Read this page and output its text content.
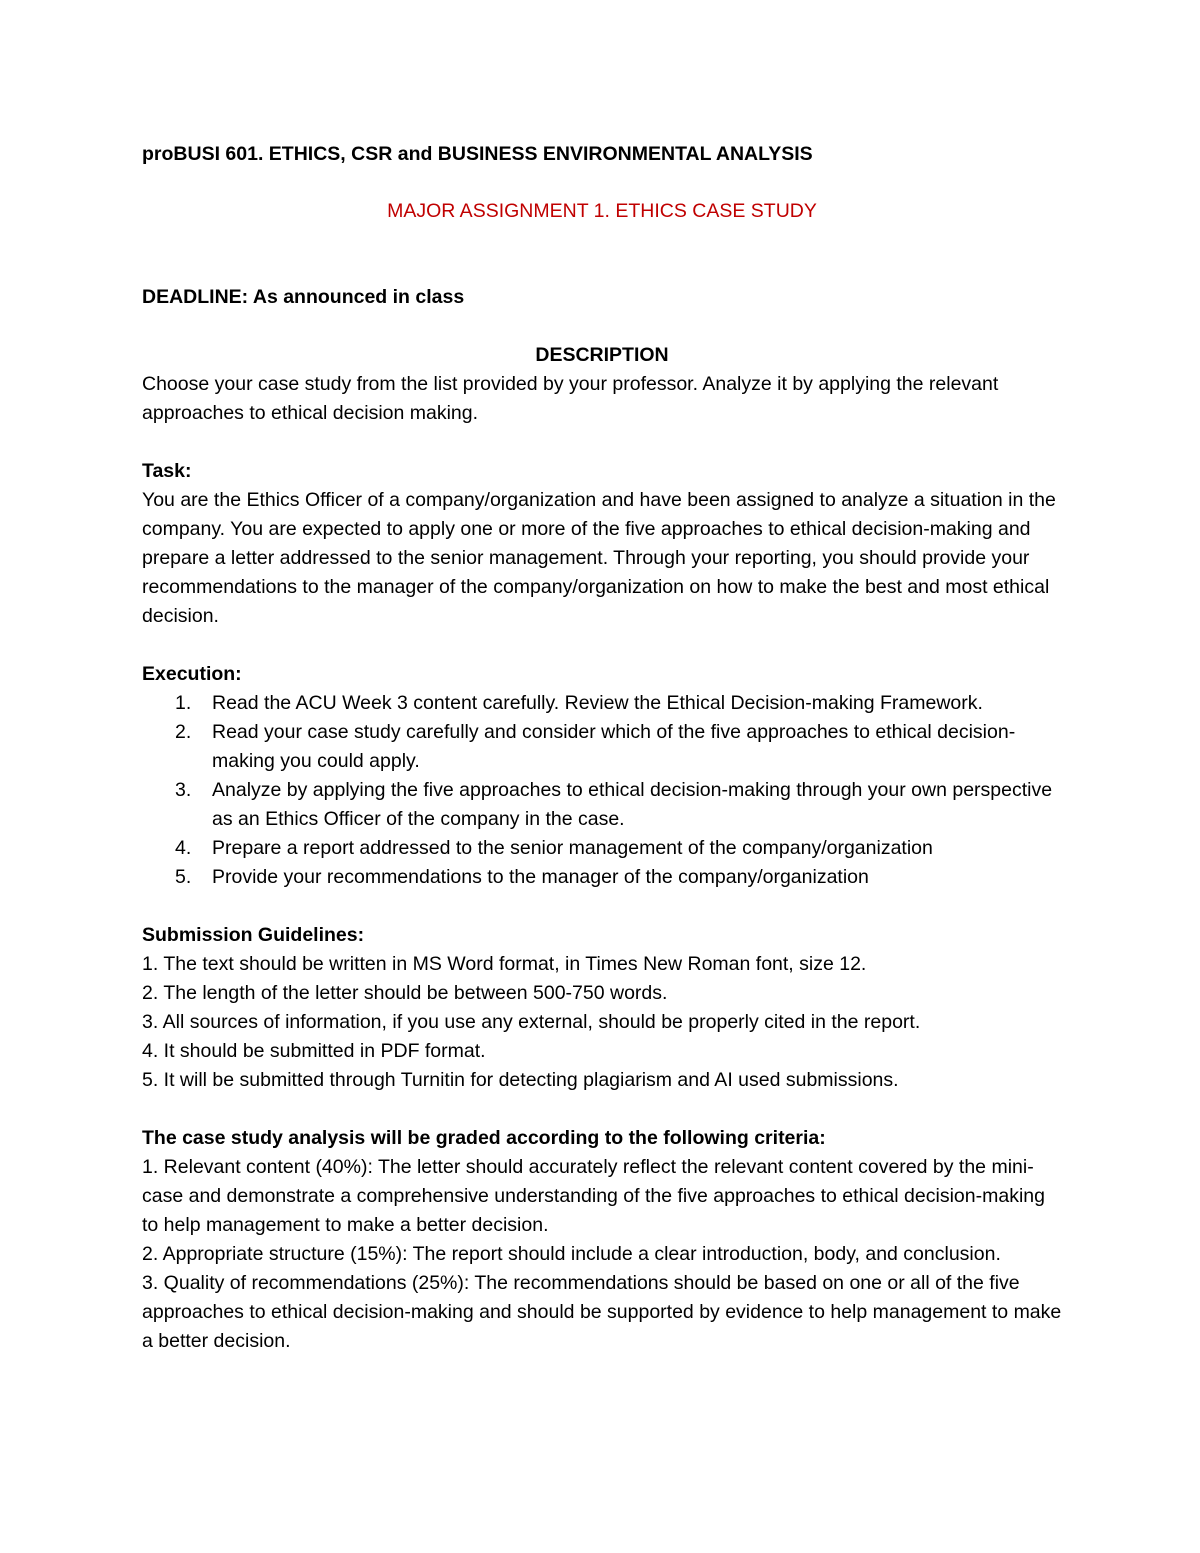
proBUSI 601. ETHICS, CSR and BUSINESS ENVIRONMENTAL ANALYSIS

MAJOR ASSIGNMENT 1. ETHICS CASE STUDY

DEADLINE: As announced in class

DESCRIPTION

Choose your case study from the list provided by your professor. Analyze it by applying the relevant approaches to ethical decision making.

Task:

You are the Ethics Officer of a company/organization and have been assigned to analyze a situation in the company. You are expected to apply one or more of the five approaches to ethical decision-making and prepare a letter addressed to the senior management. Through your reporting, you should provide your recommendations to the manager of the company/organization on how to make the best and most ethical decision.

Execution:

1.	Read the ACU Week 3 content carefully. Review the Ethical Decision-making Framework.
2.	Read your case study carefully and consider which of the five approaches to ethical decision-making you could apply.
3.	Analyze by applying the five approaches to ethical decision-making through your own perspective as an Ethics Officer of the company in the case.
4.	Prepare a report addressed to the senior management of the company/organization
5.	Provide your recommendations to the manager of the company/organization

Submission Guidelines:

1. The text should be written in MS Word format, in Times New Roman font, size 12.

2. The length of the letter should be between 500-750 words.

3. All sources of information, if you use any external, should be properly cited in the report.

4. It should be submitted in PDF format.

5. It will be submitted through Turnitin for detecting plagiarism and AI used submissions.

The case study analysis will be graded according to the following criteria:

1. Relevant content (40%): The letter should accurately reflect the relevant content covered by the mini-case and demonstrate a comprehensive understanding of the five approaches to ethical decision-making to help management to make a better decision.

2. Appropriate structure (15%): The report should include a clear introduction, body, and conclusion.

3. Quality of recommendations (25%): The recommendations should be based on one or all of the five approaches to ethical decision-making and should be supported by evidence to help management to make a better decision.
